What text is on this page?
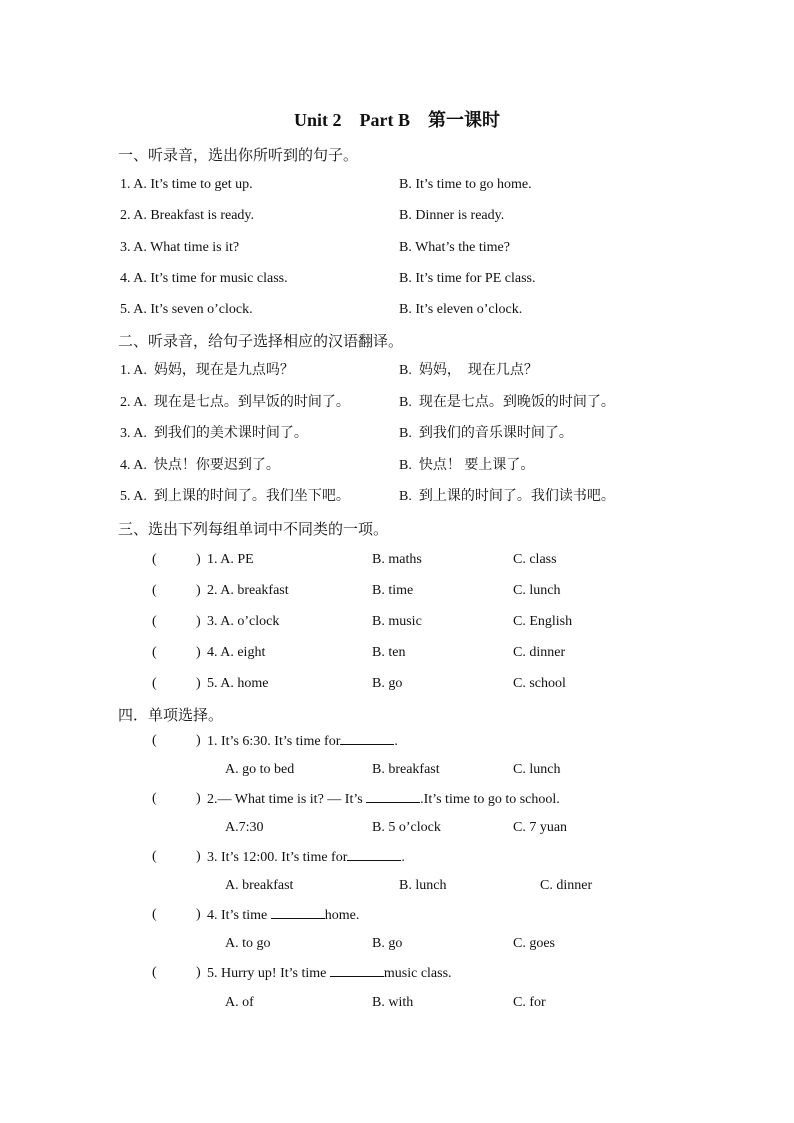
Unit 2    Part B    第一课时
一、听录音，选出你所听到的句子。
1. A. It’s time to get up.	B. It’s time to go home.
2. A. Breakfast is ready.	B. Dinner is ready.
3. A. What time is it?	B. What’s the time?
4. A. It’s time for music class.	B. It’s time for PE class.
5. A. It’s seven o’clock.	B. It’s eleven o’clock.
二、听录音，给句子选择相应的汉语翻译。
1. A.  妈妈，现在是九点吗？	B.  妈妈，  现在几点？
2. A.  现在是七点。到早饭的时间了。	B.  现在是七点。到晚饭的时间了。
3. A.  到我们的美术课时间了。	B.  到我们的音乐课时间了。
4. A.  快点！你要迟到了。	B.  快点！ 要上课了。
5. A.  到上课的时间了。我们坐下吧。	B.  到上课的时间了。我们读书吧。
三、选出下列每组单词中不同类的一项。
(	) 1. A. PE	B. maths	C. class
(	) 2. A. breakfast	B. time	C. lunch
(	) 3. A. o’clock	B. music	C. English
(	) 4. A. eight	B. ten	C. dinner
(	) 5. A. home	B. go	C. school
四．单项选择。
(	) 1. It’s 6:30. It’s time for	.
A. go to bed	B. breakfast	C. lunch
(	) 2.— What time is it? — It’s	.It’s time to go to school.
A.7:30	B. 5 o’clock	C. 7 yuan
(	) 3. It’s 12:00. It’s time for	.
A. breakfast	B. lunch	C. dinner
(	) 4. It’s time	home.
A. to go	B. go	C. goes
(	) 5. Hurry up! It’s time	music class.
A. of	B. with	C. for
